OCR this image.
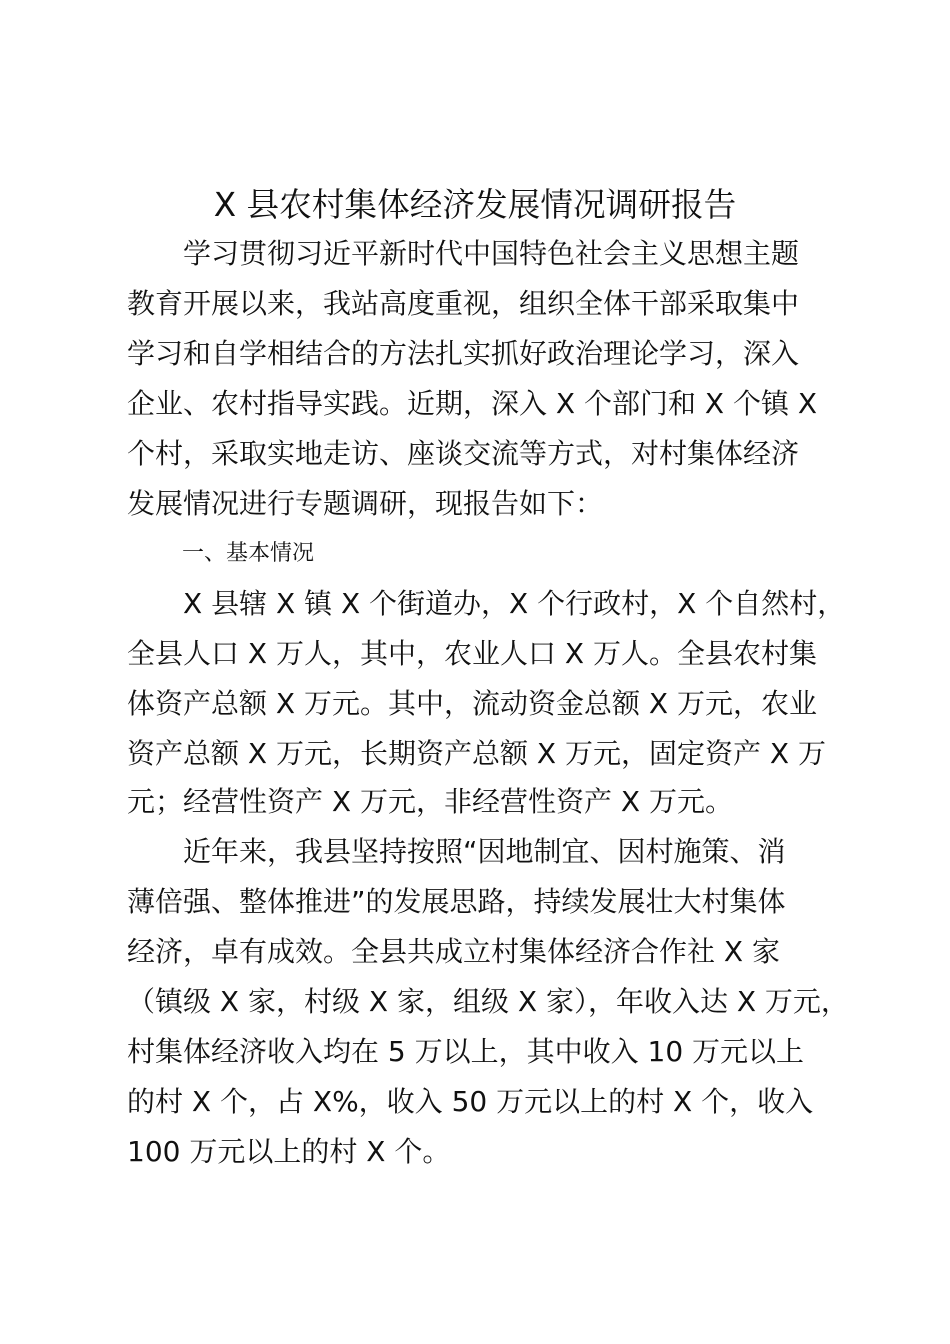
X 县农村集体经济发展情况调研报告
　　学习贯彻习近平新时代中国特色社会主义思想主题
教育开展以来，我站高度重视，组织全体干部采取集中
学习和自学相结合的方法扎实抓好政治理论学习，深入
企业、农村指导实践。近期，深入 X 个部门和 X 个镇 X
个村，采取实地走访、座谈交流等方式，对村集体经济
发展情况进行专题调研，现报告如下：
一、基本情况
　　X 县辖 X 镇 X 个街道办，X 个行政村，X 个自然村，
全县人口 X 万人，其中，农业人口 X 万人。全县农村集
体资产总额 X 万元。其中，流动资金总额 X 万元，农业
资产总额 X 万元，长期资产总额 X 万元，固定资产 X 万
元；经营性资产 X 万元，非经营性资产 X 万元。
　　近年来，我县坚持按照“因地制宜、因村施策、消
薄倍强、整体推进”的发展思路，持续发展壮大村集体
经济，卓有成效。全县共成立村集体经济合作社 X 家
（镇级 X 家，村级 X 家，组级 X 家），年收入达 X 万元，
村集体经济收入均在 5 万以上，其中收入 10 万元以上
的村 X 个，占 X%，收入 50 万元以上的村 X 个，收入
100 万元以上的村 X 个。
